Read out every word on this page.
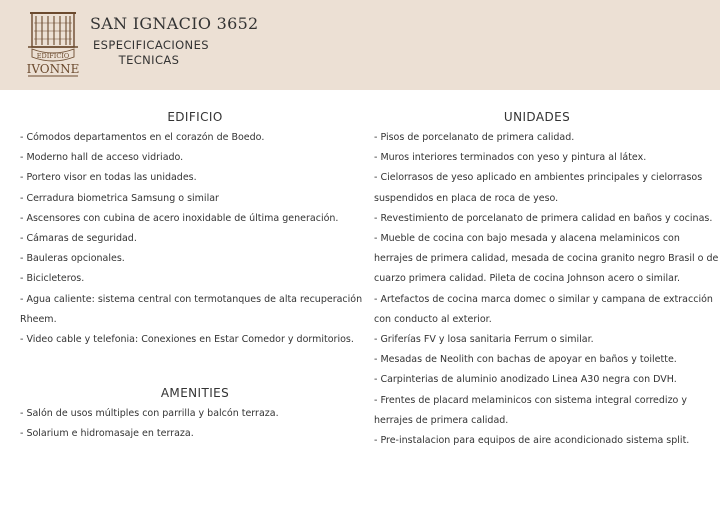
EDIFICIO
IVONNE
SAN IGNACIO 3652
ESPECIFICACIONES
TECNICAS
EDIFICIO
- Cómodos departamentos en el corazón de Boedo.
- Moderno hall de acceso vidriado.
- Portero visor en todas las unidades.
- Cerradura biometrica Samsung o similar
- Ascensores con cubina de acero inoxidable de última generación.
- Cámaras de seguridad.
- Bauleras opcionales.
- Bicicleteros.
- Agua caliente: sistema central con termotanques de alta recuperación
Rheem.
- Video cable y telefonia: Conexiones en Estar Comedor y dormitorios.
AMENITIES
- Salón de usos múltiples con parrilla y balcón terraza.
- Solarium e hidromasaje en terraza.
UNIDADES
- Pisos de porcelanato de primera calidad.
- Muros interiores terminados con yeso y pintura al látex.
- Cielorrasos de yeso aplicado en ambientes principales y cielorrasos
suspendidos en placa de roca de yeso.
- Revestimiento de porcelanato de primera calidad en baños y cocinas.
- Mueble de cocina con bajo mesada y alacena melaminicos con
herrajes de primera calidad, mesada de cocina granito negro Brasil o de
cuarzo primera calidad. Pileta de cocina Johnson acero o similar.
- Artefactos de cocina marca domec o similar y campana de extracción
con conducto al exterior.
- Griferías FV y losa sanitaria Ferrum o similar.
- Mesadas de Neolith con bachas de apoyar en baños y toilette.
- Carpinterias de aluminio anodizado Linea A30 negra con DVH.
- Frentes de placard melaminicos con sistema integral corredizo y
herrajes de primera calidad.
- Pre-instalacion para equipos de aire acondicionado sistema split.
